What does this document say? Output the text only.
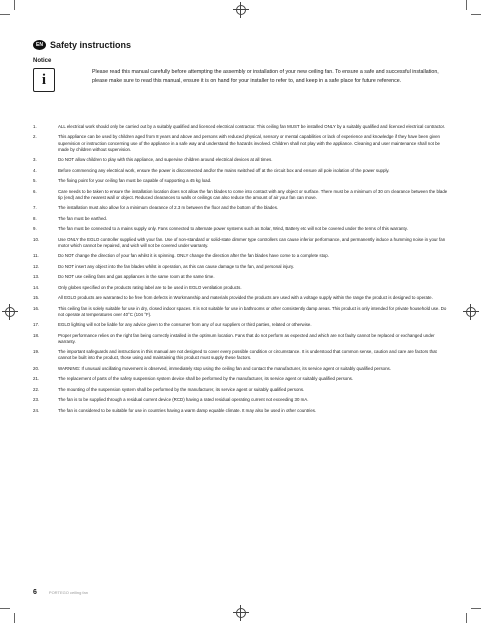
EN Safety instructions
Notice
i	Please read this manual carefully before attempting the assembly or installation of your new ceiling fan. To ensure a safe and successful installation, please make sure to read this manual, ensure it is on hand for your installer to refer to, and keep in a safe place for future reference.
1.	ALL electrical work should only be carried out by a suitably qualified and licenced electrical contractor. This ceiling fan MUST be installed ONLY by a suitably qualified and licenced electrical contractor.
2.	This appliance can be used by children aged from 8 years and above and persons with reduced physical, sensory or mental capabilities or lack of experience and knowledge if they have been given supervision or instruction concerning use of the appliance in a safe way and understand the hazards involved. Children shall not play with the appliance. Cleaning and user maintenance shall not be made by children without supervision.
3.	Do NOT allow children to play with this appliance, and supervise children around electrical devices at all times.
4.	Before commencing any electrical work, ensure the power is disconnected and/or the mains switched off at the circuit box and ensure all pole isolation of the power supply.
5.	The fixing point for your ceiling fan must be capable of supporting a 45 kg load.
6.	Care needs to be taken to ensure the installation location does not allow the fan blades to come into contact with any object or surface. There must be a minimum of 30 cm clearance between the blade tip (end) and the nearest wall or object. Reduced clearances to walls or ceilings can also reduce the amount of air your fan can move.
7.	The installation must also allow for a minimum clearance of 2.3 m between the floor and the bottom of the blades.
8.	The fan must be earthed.
9.	The fan must be connected to a mains supply only. Fans connected to alternate power systems such as Solar, Wind, Battery etc will not be covered under the terms of this warranty.
10.	Use ONLY the EGLO controller supplied with your fan. Use of non-standard or solid-state dimmer type controllers can cause inferior performance, and permanently induce a humming noise in your fan motor which cannot be repaired, and wich will not be covered under warranty.
11.	Do NOT change the direction of your fan whilst it is spinning. ONLY change the direction after the fan blades have come to a complete stop.
12.	Do NOT insert any object into the fan blades whilst in operation, as this can cause damage to the fan, and personal injury.
13.	Do NOT use ceiling fans and gas appliances in the same room at the same time.
14.	Only globes specified on the products rating label are to be used in EGLO ventilation products.
15.	All EGLO products are warranted to be free from defects in Workmanship and materials provided the products are used with a voltage supply within the range the product is designed to operate.
16.	This ceiling fan is solely suitable for use in dry, closed indoor spaces. It is not suitable for use in bathrooms or other consistently damp areas. This product is only intended for private household use. Do not operate at temperatures over 40°C (104 °F).
17.	EGLO lighting will not be liable for any advice given to the consumer from any of our suppliers or third parties, related or otherwise.
18.	Proper performance relies on the right fan being correctly installed in the optimum location. Fans that do not perform as expected and which are not faulty cannot be replaced or exchanged under warranty.
19.	The important safeguards and instructions in this manual are not designed to cover every possible condition or circumstance. It is understood that common sense, caution and care are factors that cannot be built into the product, those using and maintaining this product must supply these factors.
20.	WARNING: If unusual oscillating movement is observed, immediately stop using the ceiling fan and contact the manufacturer, its service agent or suitably qualified persons.
21.	The replacement of parts of the safety suspension system device shall be performed by the manufacturer, its service agent or suitably qualified persons.
22.	The mounting of the suspension system shall be performed by the manufacturer, its service agent or suitably qualified persons.
23.	The fan is to be supplied through a residual current device (RCD) having a rated residual operating current not exceeding 30 mA.
24.	The fan is considered to be suitable for use in countries having a warm damp equable climate. It may also be used in other countries.
6	PORTEGO ceiling fan
